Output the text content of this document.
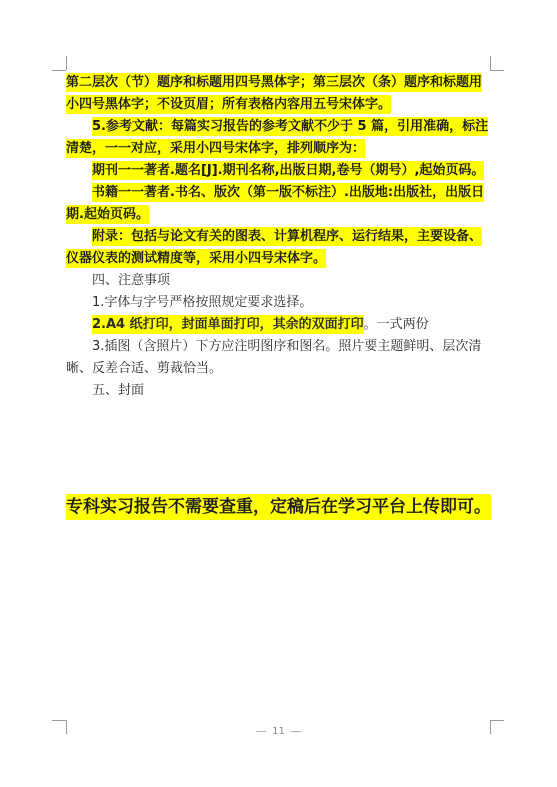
第二层次（节）题序和标题用四号黑体字；第三层次（条）题序和标题用
小四号黑体字；不设页眉；所有表格内容用五号宋体字。
5.参考文献：每篇实习报告的参考文献不少于 5 篇，引用准确，标注
清楚，一一对应，采用小四号宋体字，排列顺序为：
期刊一一著者.题名[J].期刊名称,出版日期,卷号（期号）,起始页码。
书籍一一著者.书名、版次（第一版不标注）.出版地:出版社，出版日
期.起始页码。
附录：包括与论文有关的图表、计算机程序、运行结果，主要设备、
仪器仪表的测试精度等，采用小四号宋体字。
四、注意事项
1.字体与字号严格按照规定要求选择。
2.A4 纸打印，封面单面打印，其余的双面打印。一式两份
3.插图（含照片）下方应注明图序和图名。照片要主题鲜明、层次清
晰、反差合适、剪裁恰当。
五、封面
专科实习报告不需要查重，定稿后在学习平台上传即可。
11
